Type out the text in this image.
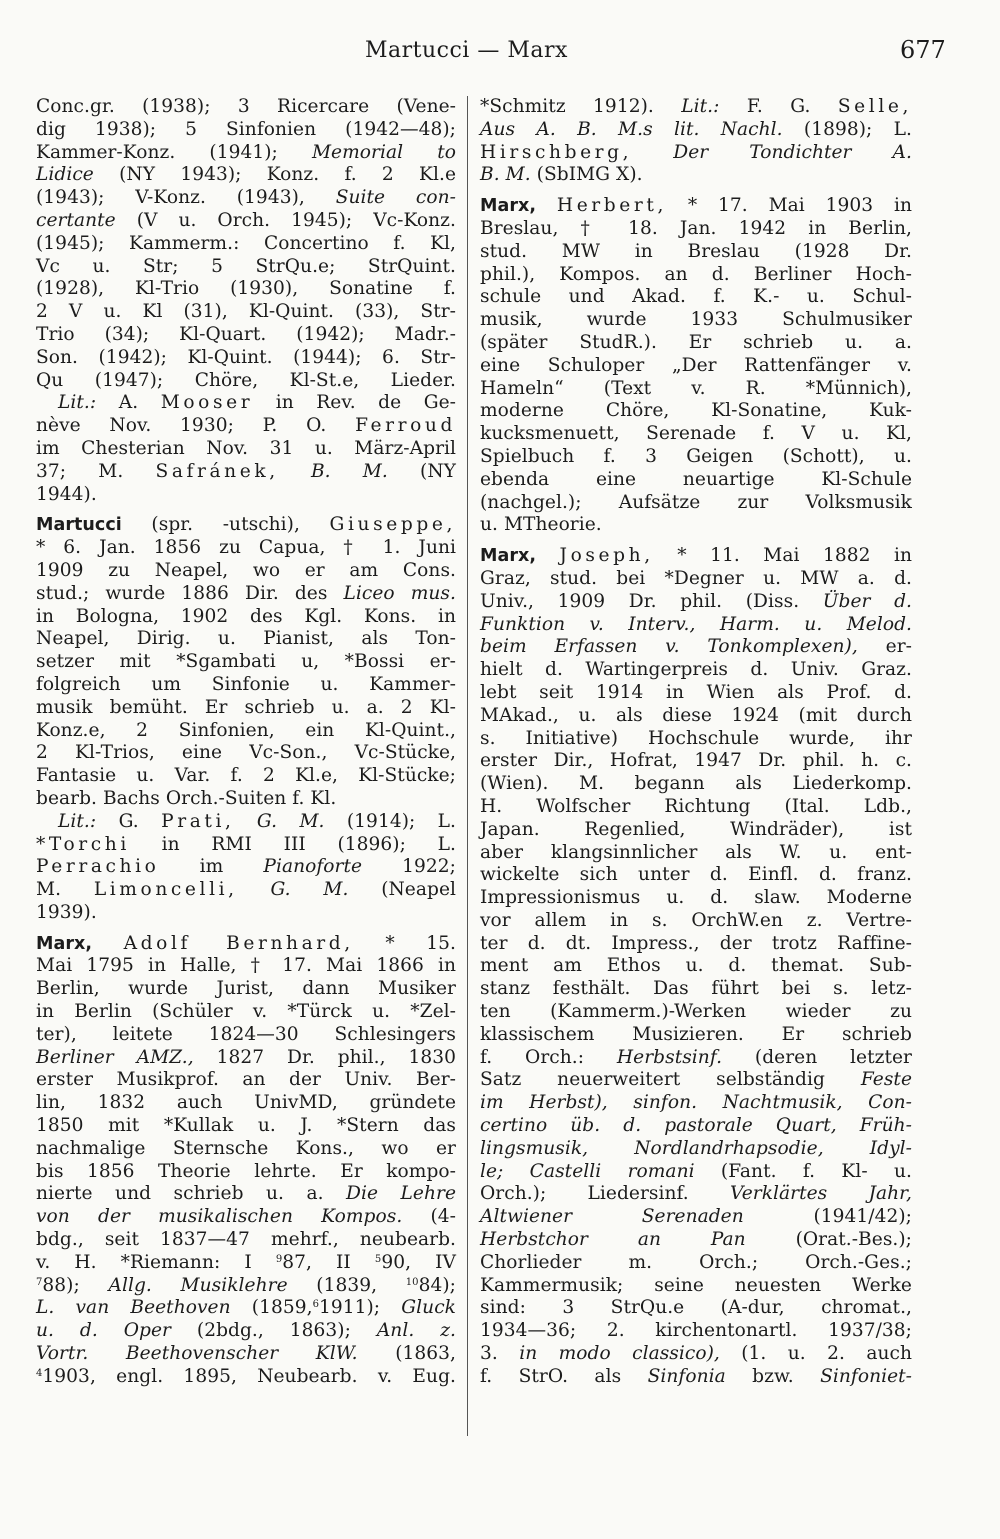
Martucci — Marx	677
Conc.gr. (1938); 3 Ricercare (Vene-
dig 1938); 5 Sinfonien (1942—48);
Kammer-Konz. (1941); Memorial to
Lidice (NY 1943); Konz. f. 2 Kl.e
(1943); V-Konz. (1943), Suite con-
certante (V u. Orch. 1945); Vc-Konz.
(1945); Kammerm.: Concertino f. Kl,
Vc u. Str; 5 StrQu.e; StrQuint.
(1928), Kl-Trio (1930), Sonatine f.
2 V u. Kl (31), Kl-Quint. (33), Str-
Trio (34); Kl-Quart. (1942); Madr.-
Son. (1942); Kl-Quint. (1944); 6. Str-
Qu (1947); Chöre, Kl-St.e, Lieder.
Lit.: A. Mooser in Rev. de Ge-
nève Nov. 1930; P. O. Ferroud
im Chesterian Nov. 31 u. März-April
37; M. Safránek, B. M. (NY
1944).
Martucci (spr. -utschi), Giuseppe,
* 6. Jan. 1856 zu Capua, † 1. Juni
1909 zu Neapel, wo er am Cons.
stud.; wurde 1886 Dir. des Liceo mus.
in Bologna, 1902 des Kgl. Kons. in
Neapel, Dirig. u. Pianist, als Ton-
setzer mit *Sgambati u, *Bossi er-
folgreich um Sinfonie u. Kammer-
musik bemüht. Er schrieb u. a. 2 Kl-
Konz.e, 2 Sinfonien, ein Kl-Quint.,
2 Kl-Trios, eine Vc-Son., Vc-Stücke,
Fantasie u. Var. f. 2 Kl.e, Kl-Stücke;
bearb. Bachs Orch.-Suiten f. Kl.
Lit.: G. Prati, G. M. (1914); L.
*Torchi in RMI III (1896); L.
Perrachio im Pianoforte 1922;
M. Limoncelli, G. M. (Neapel
1939).
Marx, Adolf Bernhard, * 15.
Mai 1795 in Halle, † 17. Mai 1866 in
Berlin, wurde Jurist, dann Musiker
in Berlin (Schüler v. *Türck u. *Zel-
ter), leitete 1824—30 Schlesingers
Berliner AMZ., 1827 Dr. phil., 1830
erster Musikprof. an der Univ. Ber-
lin, 1832 auch UnivMD, gründete
1850 mit *Kullak u. J. *Stern das
nachmalige Sternsche Kons., wo er
bis 1856 Theorie lehrte. Er kompo-
nierte und schrieb u. a. Die Lehre
von der musikalischen Kompos. (4-
bdg., seit 1837—47 mehrf., neubearb.
v. H. *Riemann: I $^9$87, II $^5$90, IV
$^7$88); Allg. Musiklehre (1839,	$^{10}$84);
L. van Beethoven (1859,$^6$1911); Gluck
u. d. Oper (2bdg., 1863); Anl. z.
Vortr. Beethovenscher KlW. (1863,
$^4$1903, engl. 1895, Neubearb. v. Eug.
*Schmitz 1912). Lit.: F. G. Selle,
Aus A. B. M.s lit. Nachl. (1898); L.
Hirschberg, Der Tondichter A.
B. M. (SbIMG X).
Marx, Herbert, * 17. Mai 1903 in
Breslau, † 18. Jan. 1942 in Berlin,
stud. MW in Breslau (1928 Dr.
phil.), Kompos. an d. Berliner Hoch-
schule und Akad. f. K.- u. Schul-
musik, wurde 1933 Schulmusiker
(später StudR.). Er schrieb u. a.
eine Schuloper „Der Rattenfänger v.
Hameln“ (Text v. R. *Münnich),
moderne Chöre, Kl-Sonatine, Kuk-
kucksmenuett, Serenade f. V u. Kl,
Spielbuch f. 3 Geigen (Schott), u.
ebenda eine neuartige Kl-Schule
(nachgel.); Aufsätze zur Volksmusik
u. MTheorie.
Marx, Joseph, * 11. Mai 1882 in
Graz, stud. bei *Degner u. MW a. d.
Univ., 1909 Dr. phil. (Diss. Über d.
Funktion v. Interv., Harm. u. Melod.
beim Erfassen v. Tonkomplexen), er-
hielt d. Wartingerpreis d. Univ. Graz.
lebt seit 1914 in Wien als Prof. d.
MAkad., u. als diese 1924 (mit durch
s. Initiative) Hochschule wurde, ihr
erster Dir., Hofrat, 1947 Dr. phil. h. c.
(Wien). M. begann als Liederkomp.
H. Wolfscher Richtung (Ital. Ldb.,
Japan. Regenlied, Windräder), ist
aber klangsinnlicher als W. u. ent-
wickelte sich unter d. Einfl. d. franz.
Impressionismus u. d. slaw. Moderne
vor allem in s. OrchW.en z. Vertre-
ter d. dt. Impress., der trotz Raffine-
ment am Ethos u. d. themat. Sub-
stanz festhält. Das führt bei s. letz-
ten (Kammerm.)-Werken wieder zu
klassischem Musizieren. Er schrieb
f. Orch.: Herbstsinf. (deren letzter
Satz neuerweitert selbständig Feste
im Herbst), sinfon. Nachtmusik, Con-
certino üb. d. pastorale Quart, Früh-
lingsmusik, Nordlandrhapsodie, Idyl-
le; Castelli romani (Fant. f. Kl- u.
Orch.); Liedersinf. Verklärtes Jahr,
Altwiener Serenaden	(1941/42);
Herbstchor an Pan	(Orat.-Bes.);
Chorlieder m. Orch.; Orch.-Ges.;
Kammermusik; seine neuesten Werke
sind: 3 StrQu.e (A-dur, chromat.,
1934—36; 2. kirchentonartl. 1937/38;
3. in modo classico), (1. u. 2. auch
f. StrO. als Sinfonia bzw. Sinfoniet-
